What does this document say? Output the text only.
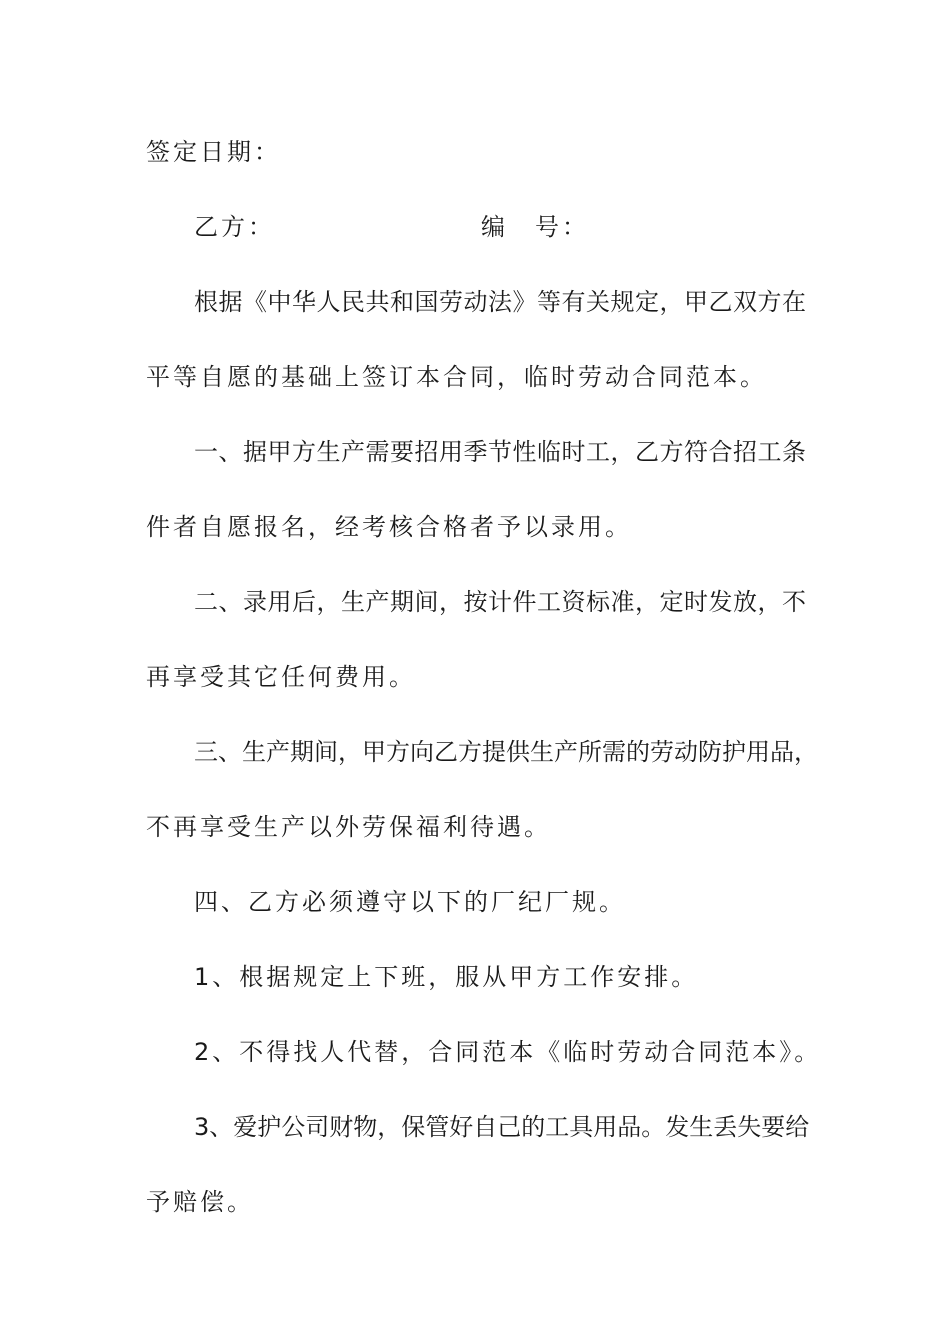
签定日期：
乙方：	编　号：
根据《中华人民共和国劳动法》等有关规定，甲乙双方在
平等自愿的基础上签订本合同，临时劳动合同范本。
一、据甲方生产需要招用季节性临时工，乙方符合招工条
件者自愿报名，经考核合格者予以录用。
二、录用后，生产期间，按计件工资标准，定时发放，不
再享受其它任何费用。
三、生产期间，甲方向乙方提供生产所需的劳动防护用品，
不再享受生产以外劳保福利待遇。
四、乙方必须遵守以下的厂纪厂规。
1、根据规定上下班，服从甲方工作安排。
2、不得找人代替，合同范本《临时劳动合同范本》。
3、爱护公司财物，保管好自己的工具用品。发生丢失要给
予赔偿。
